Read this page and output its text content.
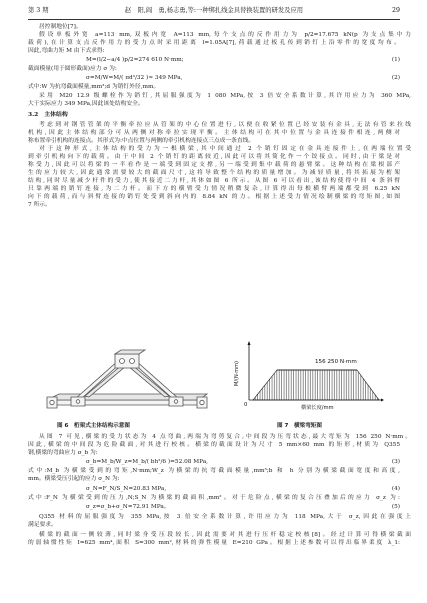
第 3 期	赵　阳,阎　勇,杨志勇,等:一种绑扎线金具替换装置的研发及应用	29
居控制地位[7]。
假设单板外宽 a=113 mm,双板内宽 A=113 mm,每个支点的反作用力为 p/2=17.675 kN(p 为支点集中力
载荷),在计算支点反作用力的受力点时采用距离 l=1.05A[7],荷载通过板孔传到销钉上沿零件的宽度均布。
因此,弯曲力矩 M 由下式求得:
M=(l/2−a/4 )p/2=274 610 N·mm;	(1)
截面模量(用于圆形截面)应力 σ 为:
σ=M/W=M/( πd³/32 )≈ 349 MPa,	(2)
式中:W 为抗弯截面模量,mm³;d 为销钉外径,mm。
采用 M20 12.9 级螺栓作为销钉,其屈服强度为 1 080 MPa,按 3 倍安全系数计算,其许用应力为 360 MPa,
大于实际应力 349 MPa,因此该处结构安全。
3.2 主体结构
考虑到对钢管管架的平衡牵拉应从管架的中心位置进行,以便在收紧位置已经安装有金具,无法有管来拉线
机构,因此主体结构部分可从两侧对称牵拉实现平衡。主体结构可在其中位置与金具连接件相连,两侧对
称布置牵引机构的连接点。其形式为:中点位置与两侧的牵引机构连接点三点成一条直线。
对于这种形式,主体结构的受力为一根横梁,其中间通过 2 个销钉固定在金具连接件上,在两端位置受
到牵引机构向下的载荷。由于中间 2 个销钉的距离较近,因此可以将其简化作一个铰接点。同时,由于梁是对
称受力,因此可以将梁的一半看作是一端受到固定支撑,另一端受到集中载荷的悬臂梁。这种结构在梁根部产
生的应力较大,因此通常需要较大的截面尺寸,这将导致整个结构的质量增加。为减轻质量,将其拓展为桁架
结构,同时尽量减少杆件的受力,使其接近二力杆,其体如图 6 所示。从图 6 可以看出,该结构使得中间 4 条斜臂
只靠两端的销钉连接,为二力杆。而下方的横臂受力情况稍微复杂,计算得出每根横臂两端都受到 6.25 kN
向下的载荷,而与斜臂连接的销钉处受到斜向内的 8.84 kN 的力。根据上述受力情况绘制横梁的弯矩图,如图
7 所示。
图 6　桁架式主体结构示意图
156 250 N·mm
0
M/(N·mm)
横梁长度/mm
图 7　横梁弯矩图
从图 7 可见,横梁的受力状态为 4 点弯曲,两端为弯剪复合,中间段为压弯状态,最大弯矩为 156 250 N·mm。
因此,横梁的中间段为危险截面,对其进行校核。横梁的截面设计为尺寸 5 mm×60 mm 的矩形,材质为 Q355
钢,横梁的弯曲应力 σ_b 为:
σ_b=M_b/W_z=M_b/( bh²/6 )=52.08 MPa,	(3)
式中:M_b 为横梁受到的弯矩,N·mm;W_z 为横梁的抗弯截面模量,mm³;b 和 h 分别为横梁截面宽度和高度,
mm。横梁受压引起的应力 σ_N 为:
σ_N=F_N/S_N=20.83 MPa,	(4)
式中:F_N 为横梁受到的压力,N;S_N 为横梁的截面积,mm²。对于危险点,横梁的复合压叠加后的应力 σ_z 为:
σ_z=σ_b+σ_N=72.91 MPa。	(5)
Q355 材料的屈服强度为 355 MPa,按 3 倍安全系数计算,许用应力为 118 MPa,大于 σ_z,因此在强度上
满足要求。
横梁的截面一侧较薄,同时梁身受压段较长,因此需要对其进行压杆稳定校核[8]。经过计算可得横梁截面
的弱轴惯性矩 I=625 mm⁴,面积 S=300 mm²,材料的弹性模量 E=210 GPa。根据上述参数可以得出临界柔度 λ_1:
